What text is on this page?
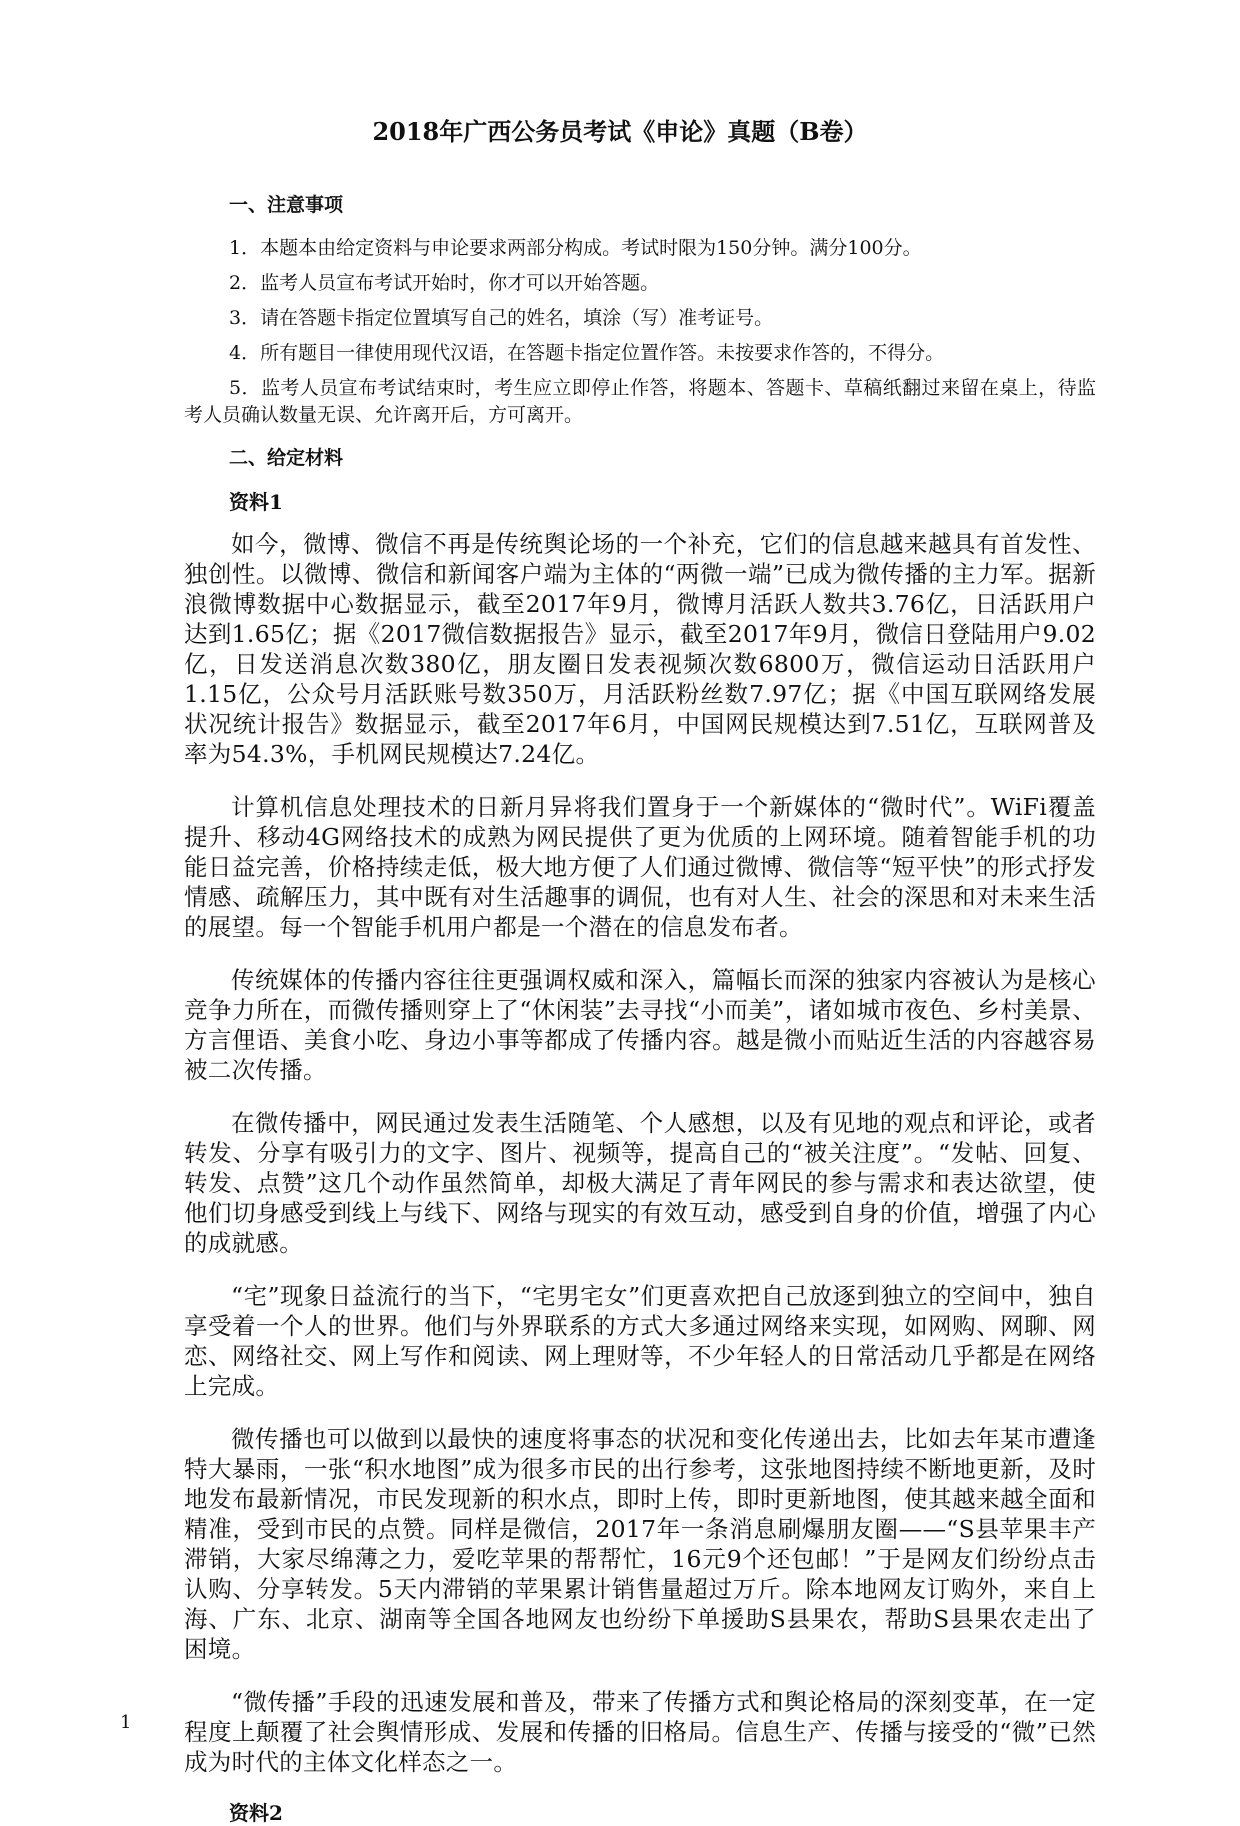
2018年广西公务员考试《申论》真题（B卷）

一、注意事项

1．本题本由给定资料与申论要求两部分构成。考试时限为150分钟。满分100分。

2．监考人员宣布考试开始时，你才可以开始答题。

3．请在答题卡指定位置填写自己的姓名，填涂（写）准考证号。

4．所有题目一律使用现代汉语，在答题卡指定位置作答。未按要求作答的，不得分。

5．监考人员宣布考试结束时，考生应立即停止作答，将题本、答题卡、草稿纸翻过来留在桌上，待监考人员确认数量无误、允许离开后，方可离开。

二、给定材料

资料1

如今，微博、微信不再是传统舆论场的一个补充，它们的信息越来越具有首发性、独创性。以微博、微信和新闻客户端为主体的“两微一端”已成为微传播的主力军。据新浪微博数据中心数据显示，截至2017年9月，微博月活跃人数共3.76亿，日活跃用户达到1.65亿；据《2017微信数据报告》显示，截至2017年9月，微信日登陆用户9.02亿，日发送消息次数380亿，朋友圈日发表视频次数6800万，微信运动日活跃用户1.15亿，公众号月活跃账号数350万，月活跃粉丝数7.97亿；据《中国互联网络发展状况统计报告》数据显示，截至2017年6月，中国网民规模达到7.51亿，互联网普及率为54.3%，手机网民规模达7.24亿。

计算机信息处理技术的日新月异将我们置身于一个新媒体的“微时代”。WiFi覆盖提升、移动4G网络技术的成熟为网民提供了更为优质的上网环境。随着智能手机的功能日益完善，价格持续走低，极大地方便了人们通过微博、微信等“短平快”的形式抒发情感、疏解压力，其中既有对生活趣事的调侃，也有对人生、社会的深思和对未来生活的展望。每一个智能手机用户都是一个潜在的信息发布者。

传统媒体的传播内容往往更强调权威和深入，篇幅长而深的独家内容被认为是核心竞争力所在，而微传播则穿上了“休闲装”去寻找“小而美”，诸如城市夜色、乡村美景、方言俚语、美食小吃、身边小事等都成了传播内容。越是微小而贴近生活的内容越容易被二次传播。

在微传播中，网民通过发表生活随笔、个人感想，以及有见地的观点和评论，或者转发、分享有吸引力的文字、图片、视频等，提高自己的“被关注度”。“发帖、回复、转发、点赞”这几个动作虽然简单，却极大满足了青年网民的参与需求和表达欲望，使他们切身感受到线上与线下、网络与现实的有效互动，感受到自身的价值，增强了内心的成就感。

“宅”现象日益流行的当下，“宅男宅女”们更喜欢把自己放逐到独立的空间中，独自享受着一个人的世界。他们与外界联系的方式大多通过网络来实现，如网购、网聊、网恋、网络社交、网上写作和阅读、网上理财等，不少年轻人的日常活动几乎都是在网络上完成。

微传播也可以做到以最快的速度将事态的状况和变化传递出去，比如去年某市遭逢特大暴雨，一张“积水地图”成为很多市民的出行参考，这张地图持续不断地更新，及时地发布最新情况，市民发现新的积水点，即时上传，即时更新地图，使其越来越全面和精准，受到市民的点赞。同样是微信，2017年一条消息刷爆朋友圈——“S县苹果丰产滞销，大家尽绵薄之力，爱吃苹果的帮帮忙，16元9个还包邮！”于是网友们纷纷点击认购、分享转发。5天内滞销的苹果累计销售量超过万斤。除本地网友订购外，来自上海、广东、北京、湖南等全国各地网友也纷纷下单援助S县果农，帮助S县果农走出了困境。

“微传播”手段的迅速发展和普及，带来了传播方式和舆论格局的深刻变革，在一定程度上颠覆了社会舆情形成、发展和传播的旧格局。信息生产、传播与接受的“微”已然成为时代的主体文化样态之一。

资料2

1
